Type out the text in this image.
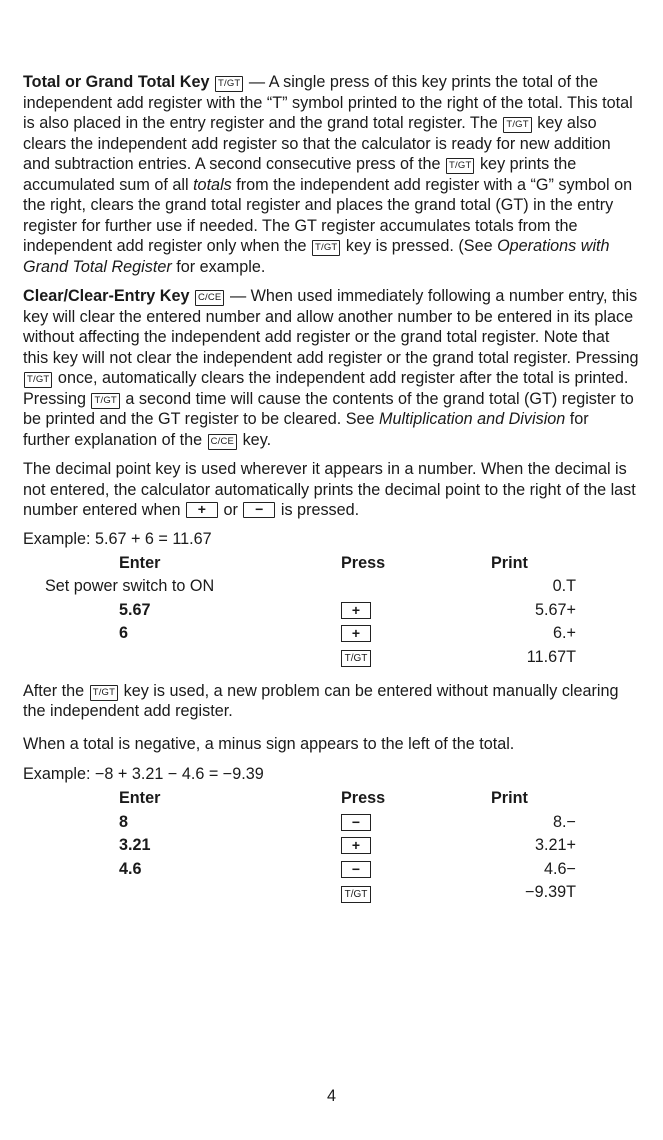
Total or Grand Total Key T/GT — A single press of this key prints the total of the independent add register with the “T” symbol printed to the right of the total. This total is also placed in the entry register and the grand total register. The T/GT key also clears the independent add register so that the calculator is ready for new addition and subtraction entries. A second consecutive press of the T/GT key prints the accumulated sum of all totals from the independent add register with a “G” symbol on the right, clears the grand total register and places the grand total (GT) in the entry register for further use if needed. The GT register accumulates totals from the independent add register only when the T/GT key is pressed. (See Operations with Grand Total Register for example.

Clear/Clear-Entry Key C/CE — When used immediately following a number entry, this key will clear the entered number and allow another number to be entered in its place without affecting the independent add register or the grand total register. Note that this key will not clear the independent add register or the grand total register. Pressing T/GT once, automatically clears the independent add register after the total is printed. Pressing T/GT a second time will cause the contents of the grand total (GT) register to be printed and the GT register to be cleared. See Multiplication and Division for further explanation of the C/CE key.

The decimal point key is used wherever it appears in a number. When the decimal is not entered, the calculator automatically prints the decimal point to the right of the last number entered when + or − is pressed.

Example: 5.67 + 6 = 11.67
Enter	Press	Print
Set power switch to ON		0.T
5.67	+	5.67+
6	+	6.+
	T/GT	11.67T

After the T/GT key is used, a new problem can be entered without manually clearing the independent add register.

When a total is negative, a minus sign appears to the left of the total.

Example: −8 + 3.21 − 4.6 = −9.39
Enter	Press	Print
8	−	8.−
3.21	+	3.21+
4.6	−	4.6−
	T/GT	−9.39T
4
